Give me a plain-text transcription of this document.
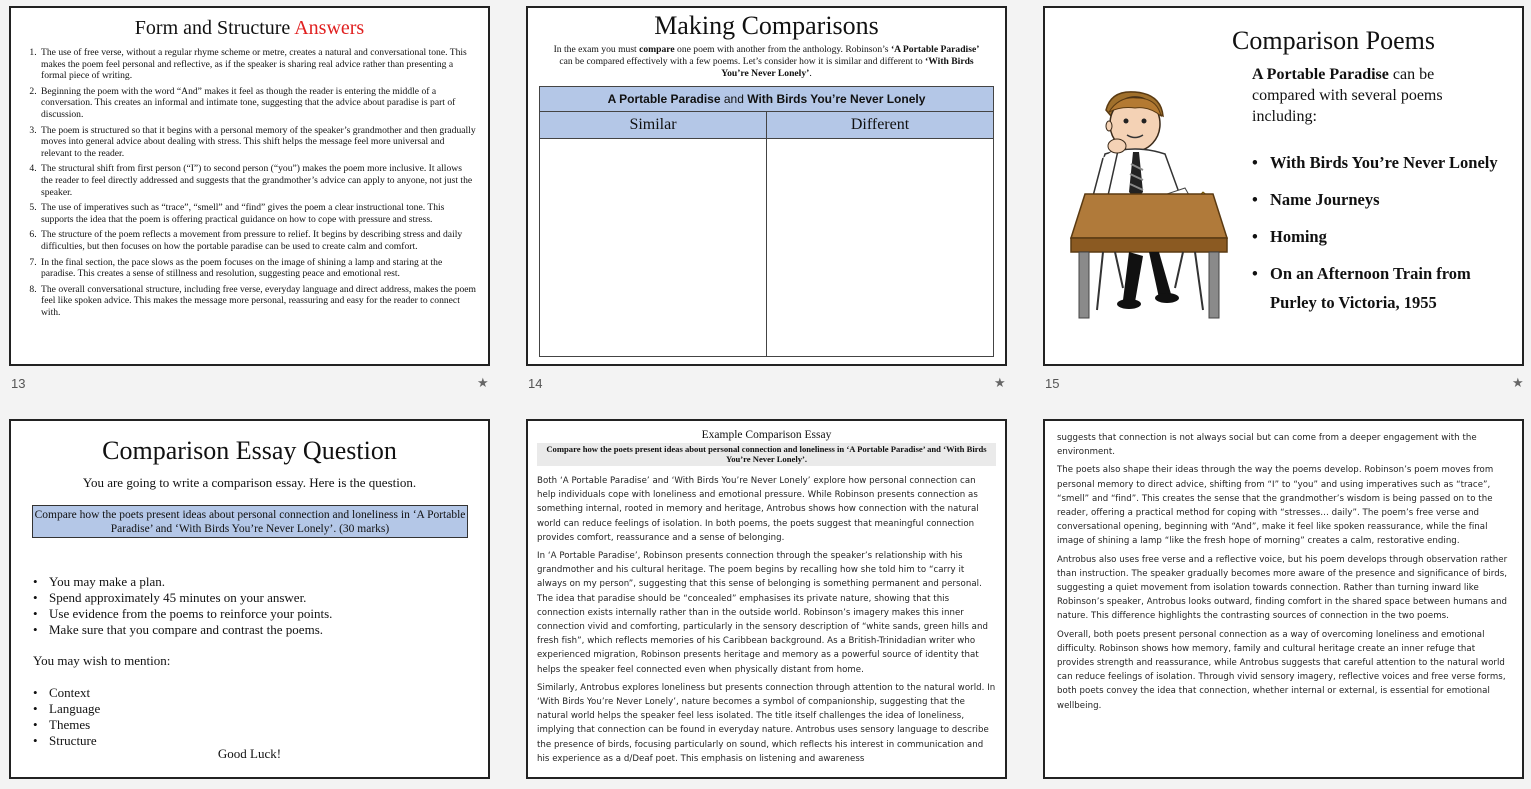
Form and Structure Answers
1. The use of free verse, without a regular rhyme scheme or metre, creates a natural and conversational tone. This makes the poem feel personal and reflective, as if the speaker is sharing real advice rather than presenting a formal piece of writing.
2. Beginning the poem with the word “And” makes it feel as though the reader is entering the middle of a conversation. This creates an informal and intimate tone, suggesting that the advice about paradise is part of discussion.
3. The poem is structured so that it begins with a personal memory of the speaker’s grandmother and then gradually moves into general advice about dealing with stress. This shift helps the message feel more universal and relevant to the reader.
4. The structural shift from first person (“I”) to second person (“you”) makes the poem more inclusive. It allows the reader to feel directly addressed and suggests that the grandmother’s advice can apply to anyone, not just the speaker.
5. The use of imperatives such as “trace”, “smell” and “find” gives the poem a clear instructional tone. This supports the idea that the poem is offering practical guidance on how to cope with pressure and stress.
6. The structure of the poem reflects a movement from pressure to relief. It begins by describing stress and daily difficulties, but then focuses on how the portable paradise can be used to create calm and comfort.
7. In the final section, the pace slows as the poem focuses on the image of shining a lamp and staring at the paradise. This creates a sense of stillness and resolution, suggesting peace and emotional rest.
8. The overall conversational structure, including free verse, everyday language and direct address, makes the poem feel like spoken advice. This makes the message more personal, reassuring and easy for the reader to connect with.
13	★
Making Comparisons
In the exam you must compare one poem with another from the anthology. Robinson’s ‘A Portable Paradise’ can be compared effectively with a few poems. Let’s consider how it is similar and different to ‘With Birds You’re Never Lonely’.
A Portable Paradise and With Birds You’re Never Lonely
Similar	Different
14	★
Comparison Poems
A Portable Paradise can be compared with several poems including:
• With Birds You’re Never Lonely
• Name Journeys
• Homing
• On an Afternoon Train from Purley to Victoria, 1955
15	★
Comparison Essay Question
You are going to write a comparison essay. Here is the question.
Compare how the poets present ideas about personal connection and loneliness in ‘A Portable Paradise’ and ‘With Birds You’re Never Lonely’. (30 marks)
• You may make a plan.
• Spend approximately 45 minutes on your answer.
• Use evidence from the poems to reinforce your points.
• Make sure that you compare and contrast the poems.
You may wish to mention:
• Context
• Language
• Themes
• Structure
Good Luck!
Example Comparison Essay
Compare how the poets present ideas about personal connection and loneliness in ‘A Portable Paradise’ and ‘With Birds You’re Never Lonely’.

Both ‘A Portable Paradise’ and ‘With Birds You’re Never Lonely’ explore how personal connection can help individuals cope with loneliness and emotional pressure. While Robinson presents connection as something internal, rooted in memory and heritage, Antrobus shows how connection with the natural world can reduce feelings of isolation. In both poems, the poets suggest that meaningful connection provides comfort, reassurance and a sense of belonging.

In ‘A Portable Paradise’, Robinson presents connection through the speaker’s relationship with his grandmother and his cultural heritage. The poem begins by recalling how she told him to “carry it always on my person”, suggesting that this sense of belonging is something permanent and personal. The idea that paradise should be “concealed” emphasises its private nature, showing that this connection exists internally rather than in the outside world. Robinson’s imagery makes this inner connection vivid and comforting, particularly in the sensory description of “white sands, green hills and fresh fish”, which reflects memories of his Caribbean background. As a British-Trinidadian writer who experienced migration, Robinson presents heritage and memory as a powerful source of identity that helps the speaker feel connected even when physically distant from home.

Similarly, Antrobus explores loneliness but presents connection through attention to the natural world. In ‘With Birds You’re Never Lonely’, nature becomes a symbol of companionship, suggesting that the natural world helps the speaker feel less isolated. The title itself challenges the idea of loneliness, implying that connection can be found in everyday nature. Antrobus uses sensory language to describe the presence of birds, focusing particularly on sound, which reflects his interest in communication and his experience as a d/Deaf poet. This emphasis on listening and awareness

suggests that connection is not always social but can come from a deeper engagement with the environment.

The poets also shape their ideas through the way the poems develop. Robinson’s poem moves from personal memory to direct advice, shifting from “I” to “you” and using imperatives such as “trace”, “smell” and “find”. This creates the sense that the grandmother’s wisdom is being passed on to the reader, offering a practical method for coping with “stresses… daily”. The poem’s free verse and conversational opening, beginning with “And”, make it feel like spoken reassurance, while the final image of shining a lamp “like the fresh hope of morning” creates a calm, restorative ending.

Antrobus also uses free verse and a reflective voice, but his poem develops through observation rather than instruction. The speaker gradually becomes more aware of the presence and significance of birds, suggesting a quiet movement from isolation towards connection. Rather than turning inward like Robinson’s speaker, Antrobus looks outward, finding comfort in the shared space between humans and nature. This difference highlights the contrasting sources of connection in the two poems.

Overall, both poets present personal connection as a way of overcoming loneliness and emotional difficulty. Robinson shows how memory, family and cultural heritage create an inner refuge that provides strength and reassurance, while Antrobus suggests that careful attention to the natural world can reduce feelings of isolation. Through vivid sensory imagery, reflective voices and free verse forms, both poets convey the idea that connection, whether internal or external, is essential for emotional wellbeing.
